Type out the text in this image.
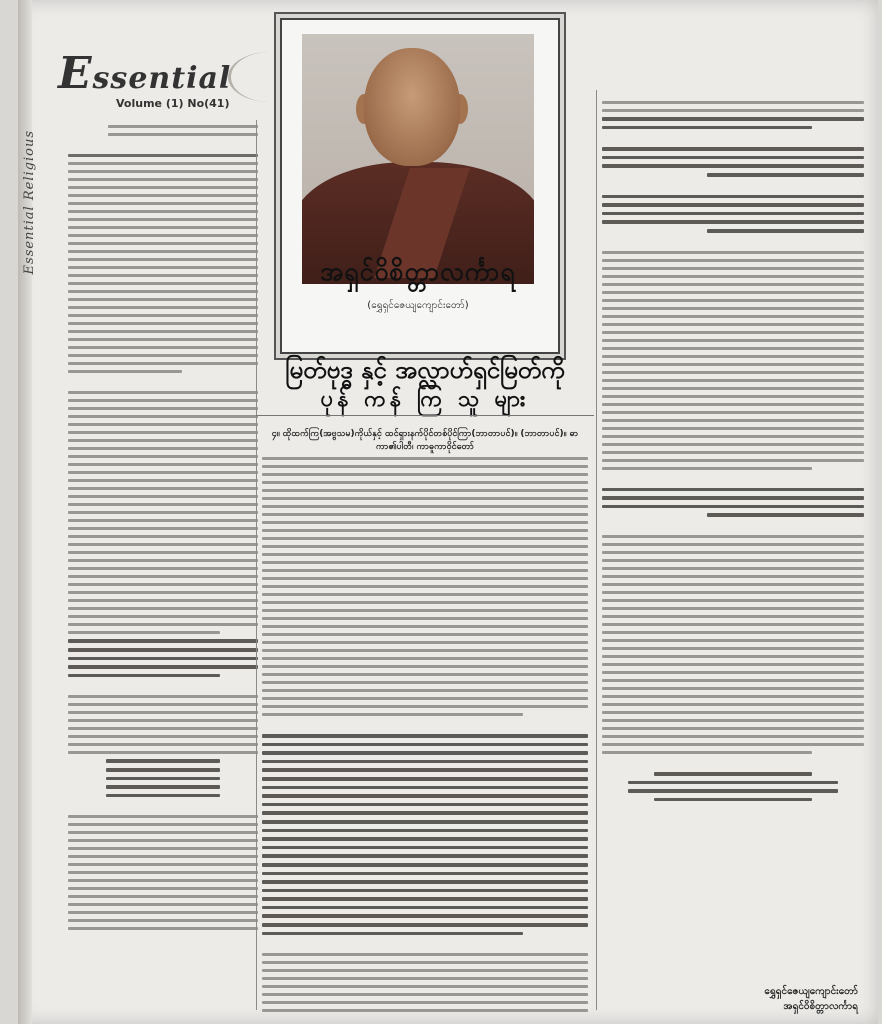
Essential Religious
Essential
Volume (1) No(41)
အရှင်ဝိစိတ္တာလင်္ကာရ
(ရွှေရှင်ဇေယျကျောင်းတော်)
မြတ်ဗုဒ္ဓ နှင့် အလ္လာဟ်ရှင်မြတ်ကို
ပုန် ကန် ကြ သူ များ
၄။ ထိုထက်ကြ(အဗ္ဗသမ)ကိုယ်နှင့် ထင်ရှားနက်ပိုင်တစ်ပိုင်ကြာ(ဘာတာပင်)။ (ဘာတာပင်)။ ဓာကာ၏ပါတီ၊ ကာဓူကာဝိုင်တော်
ရွှေရှင်ဇေယျကျောင်းတော်
အရှင်ဝိစိတ္တာလင်္ကာရ
